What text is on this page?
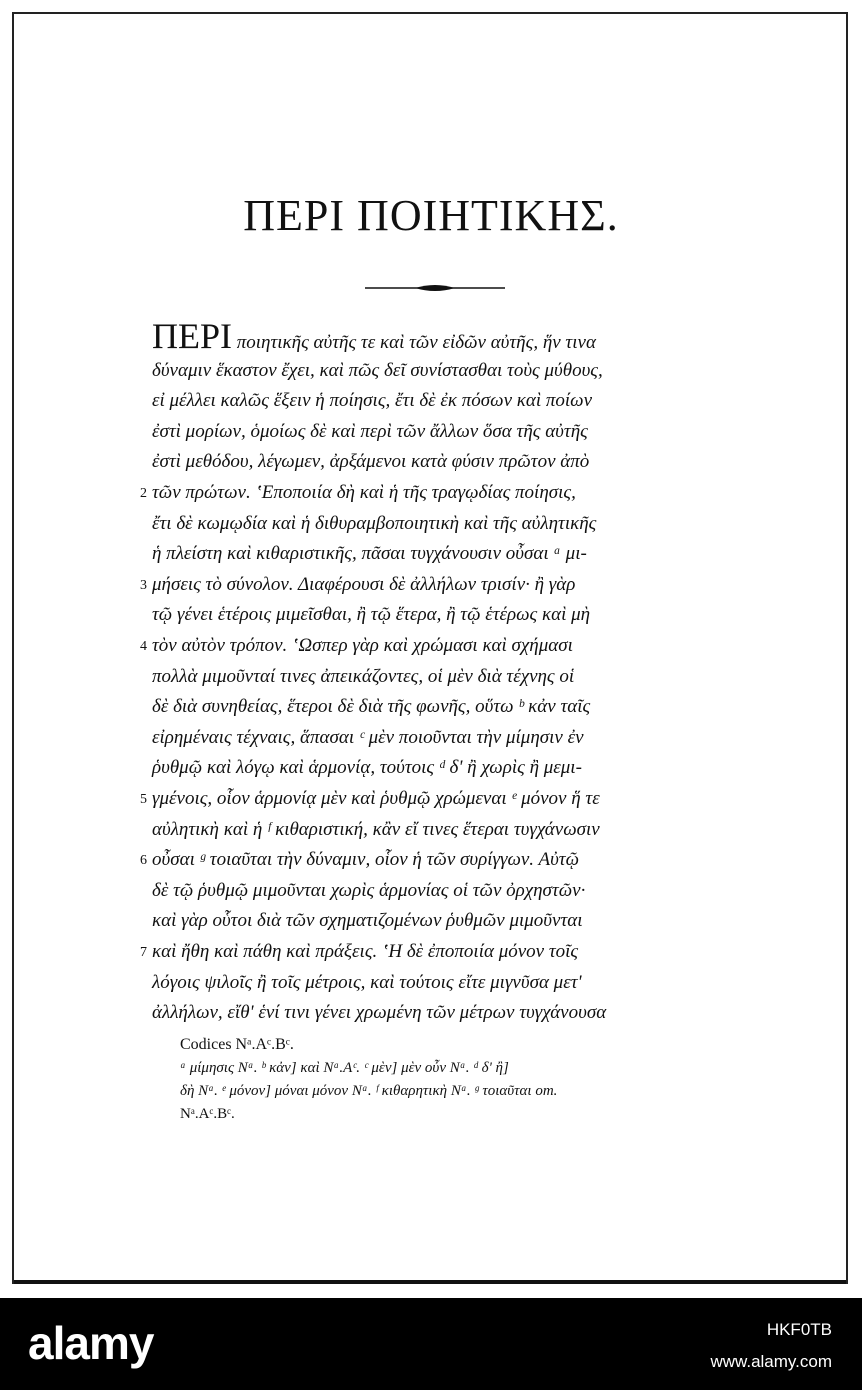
ΠΕΡΙ ΠΟΙΗΤΙΚΗΣ.
ΠΕΡΙ ποιητικῆς αὐτῆς τε καὶ τῶν εἰδῶν αὐτῆς, ἥν τινα
δύναμιν ἕκαστον ἔχει, καὶ πῶς δεῖ συνίστασθαι τοὺς μύθους,
εἰ μέλλει καλῶς ἕξειν ἡ ποίησις, ἔτι δὲ ἐκ πόσων καὶ ποίων
ἐστὶ μορίων, ὁμοίως δὲ καὶ περὶ τῶν ἄλλων ὅσα τῆς αὐτῆς
ἐστὶ μεθόδου, λέγωμεν, ἀρξάμενοι κατὰ φύσιν πρῶτον ἀπὸ
2 τῶν πρώτων. ʽΕποποιία δὴ καὶ ἡ τῆς τραγῳδίας ποίησις,
ἔτι δὲ κωμῳδία καὶ ἡ διθυραμβοποιητικὴ καὶ τῆς αὐλητικῆς
ἡ πλείστη καὶ κιθαριστικῆς, πᾶσαι τυγχάνουσιν οὖσαι ᵃ μι-
3 μήσεις τὸ σύνολον. Διαφέρουσι δὲ ἀλλήλων τρισίν· ἢ γὰρ
τῷ γένει ἑτέροις μιμεῖσθαι, ἢ τῷ ἕτερα, ἢ τῷ ἑτέρως καὶ μὴ
4 τὸν αὐτὸν τρόπον. ʽΩσπερ γὰρ καὶ χρώμασι καὶ σχήμασι
πολλὰ μιμοῦνταί τινες ἀπεικάζοντες, οἱ μὲν διὰ τέχνης οἱ
δὲ διὰ συνηθείας, ἕτεροι δὲ διὰ τῆς φωνῆς, οὕτω ᵇ κἀν ταῖς
εἰρημέναις τέχναις, ἅπασαι ᶜ μὲν ποιοῦνται τὴν μίμησιν ἐν
ῥυθμῷ καὶ λόγῳ καὶ ἁρμονίᾳ, τούτοις ᵈ δ' ἢ χωρὶς ἢ μεμι-
5 γμένοις, οἷον ἁρμονίᾳ μὲν καὶ ῥυθμῷ χρώμεναι ᵉ μόνον ἥ τε
αὐλητικὴ καὶ ἡ ᶠ κιθαριστική, κἂν εἴ τινες ἕτεραι τυγχάνωσιν
6 οὖσαι ᵍ τοιαῦται τὴν δύναμιν, οἷον ἡ τῶν συρίγγων. Αὐτῷ
δὲ τῷ ῥυθμῷ μιμοῦνται χωρὶς ἁρμονίας οἱ τῶν ὀρχηστῶν·
καὶ γὰρ οὗτοι διὰ τῶν σχηματιζομένων ῥυθμῶν μιμοῦνται
7 καὶ ἤθη καὶ πάθη καὶ πράξεις. ʽΗ δὲ ἐποποιία μόνον τοῖς
λόγοις ψιλοῖς ἢ τοῖς μέτροις, καὶ τούτοις εἴτε μιγνῦσα μετ'
ἀλλήλων, εἴθ' ἑνί τινι γένει χρωμένη τῶν μέτρων τυγχάνουσα
Codices Nᵃ.Aᶜ.Bᶜ.
ᵃ μίμησις Nᵃ. ᵇ κἀν] καὶ Nᵃ.Aᶜ. ᶜ μὲν] μὲν οὖν Nᵃ. ᵈ δ' ἢ]
δὴ Nᵃ. ᵉ μόνον] μόναι μόνον Nᵃ. ᶠ κιθαρητικὴ Nᵃ. ᵍ τοιαῦται om.
Nᵃ.Aᶜ.Bᶜ.
alamy	HKF0TB
www.alamy.com
